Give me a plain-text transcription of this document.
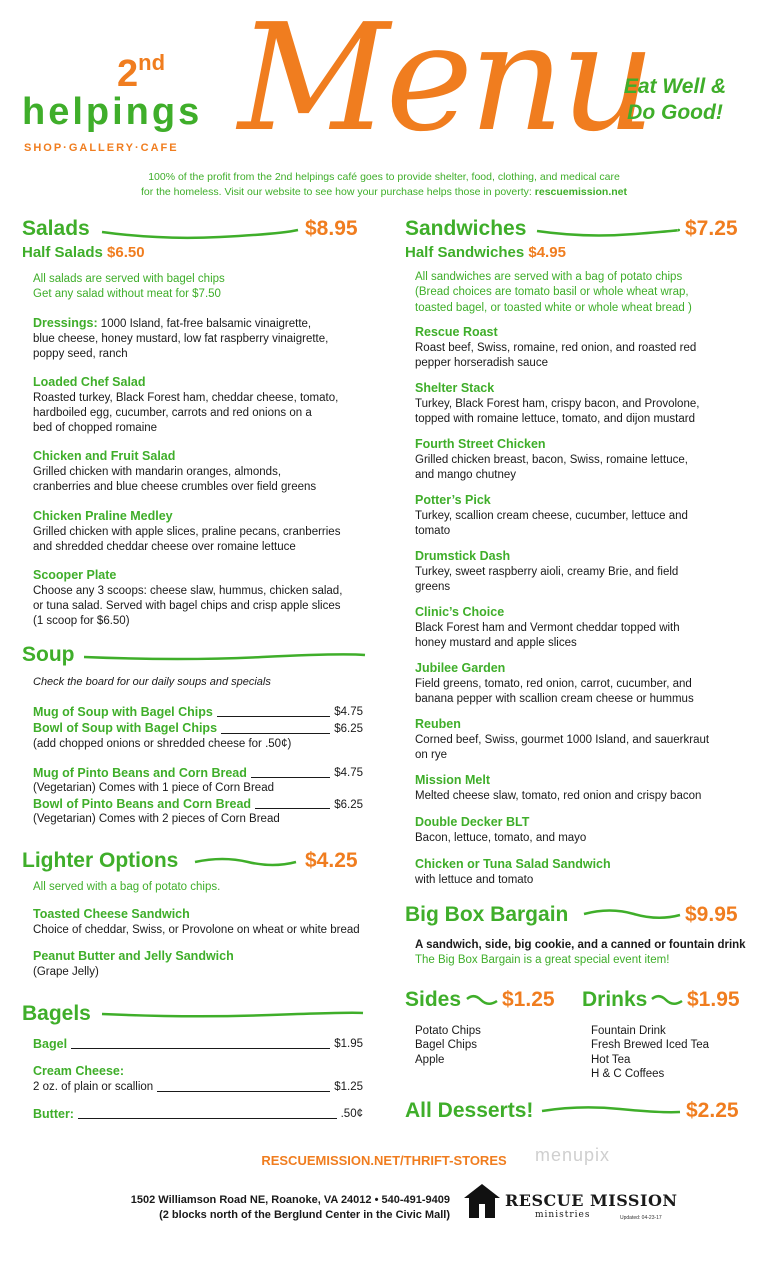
2nd
helpings
SHOP·GALLERY·CAFE Menu
Eat Well &
Do Good!
100% of the profit from the 2nd helpings café goes to provide shelter, food, clothing, and medical care
for the homeless. Visit our website to see how your purchase helps those in poverty: rescuemission.net
Salads	$8.95
Half Salads $6.50
All salads are served with bagel chips
Get any salad without meat for $7.50
Dressings: 1000 Island, fat-free balsamic vinaigrette,
blue cheese, honey mustard, low fat raspberry vinaigrette,
poppy seed, ranch
Loaded Chef Salad
Roasted turkey, Black Forest ham, cheddar cheese, tomato,
hardboiled egg, cucumber, carrots and red onions on a
bed of chopped romaine
Chicken and Fruit Salad
Grilled chicken with mandarin oranges, almonds,
cranberries and blue cheese crumbles over field greens
Chicken Praline Medley
Grilled chicken with apple slices, praline pecans, cranberries
and shredded cheddar cheese over romaine lettuce
Scooper Plate
Choose any 3 scoops: cheese slaw, hummus, chicken salad,
or tuna salad. Served with bagel chips and crisp apple slices
(1 scoop for $6.50)
Soup
Check the board for our daily soups and specials
Mug of Soup with Bagel Chips	$4.75
Bowl of Soup with Bagel Chips	$6.25
(add chopped onions or shredded cheese for .50¢)
Mug of Pinto Beans and Corn Bread	$4.75
(Vegetarian) Comes with 1 piece of Corn Bread
Bowl of Pinto Beans and Corn Bread	$6.25
(Vegetarian) Comes with 2 pieces of Corn Bread
Lighter Options	$4.25
All served with a bag of potato chips.
Toasted Cheese Sandwich
Choice of cheddar, Swiss, or Provolone on wheat or white bread
Peanut Butter and Jelly Sandwich
(Grape Jelly)
Bagels
Bagel	$1.95
Cream Cheese:
2 oz. of plain or scallion	$1.25
Butter:	.50¢
Sandwiches	$7.25
Half Sandwiches $4.95
All sandwiches are served with a bag of potato chips
(Bread choices are tomato basil or whole wheat wrap,
toasted bagel, or toasted white or whole wheat bread )
Rescue Roast
Roast beef, Swiss, romaine, red onion, and roasted red
pepper horseradish sauce
Shelter Stack
Turkey, Black Forest ham, crispy bacon, and Provolone,
topped with romaine lettuce, tomato, and dijon mustard
Fourth Street Chicken
Grilled chicken breast, bacon, Swiss, romaine lettuce,
and mango chutney
Potter’s Pick
Turkey, scallion cream cheese, cucumber, lettuce and
tomato
Drumstick Dash
Turkey, sweet raspberry aioli, creamy Brie, and field
greens
Clinic’s Choice
Black Forest ham and Vermont cheddar topped with
honey mustard and apple slices
Jubilee Garden
Field greens, tomato, red onion, carrot, cucumber, and
banana pepper with scallion cream cheese or hummus
Reuben
Corned beef, Swiss, gourmet 1000 Island, and sauerkraut
on rye
Mission Melt
Melted cheese slaw, tomato, red onion and crispy bacon
Double Decker BLT
Bacon, lettuce, tomato, and mayo
Chicken or Tuna Salad Sandwich
with lettuce and tomato
Big Box Bargain	$9.95
A sandwich, side, big cookie, and a canned or fountain drink
The Big Box Bargain is a great special event item!
Sides $1.25
Potato Chips
Bagel Chips
Apple
Drinks $1.95
Fountain Drink
Fresh Brewed Iced Tea
Hot Tea
H & C Coffees
All Desserts!	$2.25
RESCUEMISSION.NET/THRIFT-STORES	menupix
1502 Williamson Road NE, Roanoke, VA 24012 • 540-491-9409
(2 blocks north of the Berglund Center in the Civic Mall)
RESCUE MISSION
ministries	Updated: 04-23-17
